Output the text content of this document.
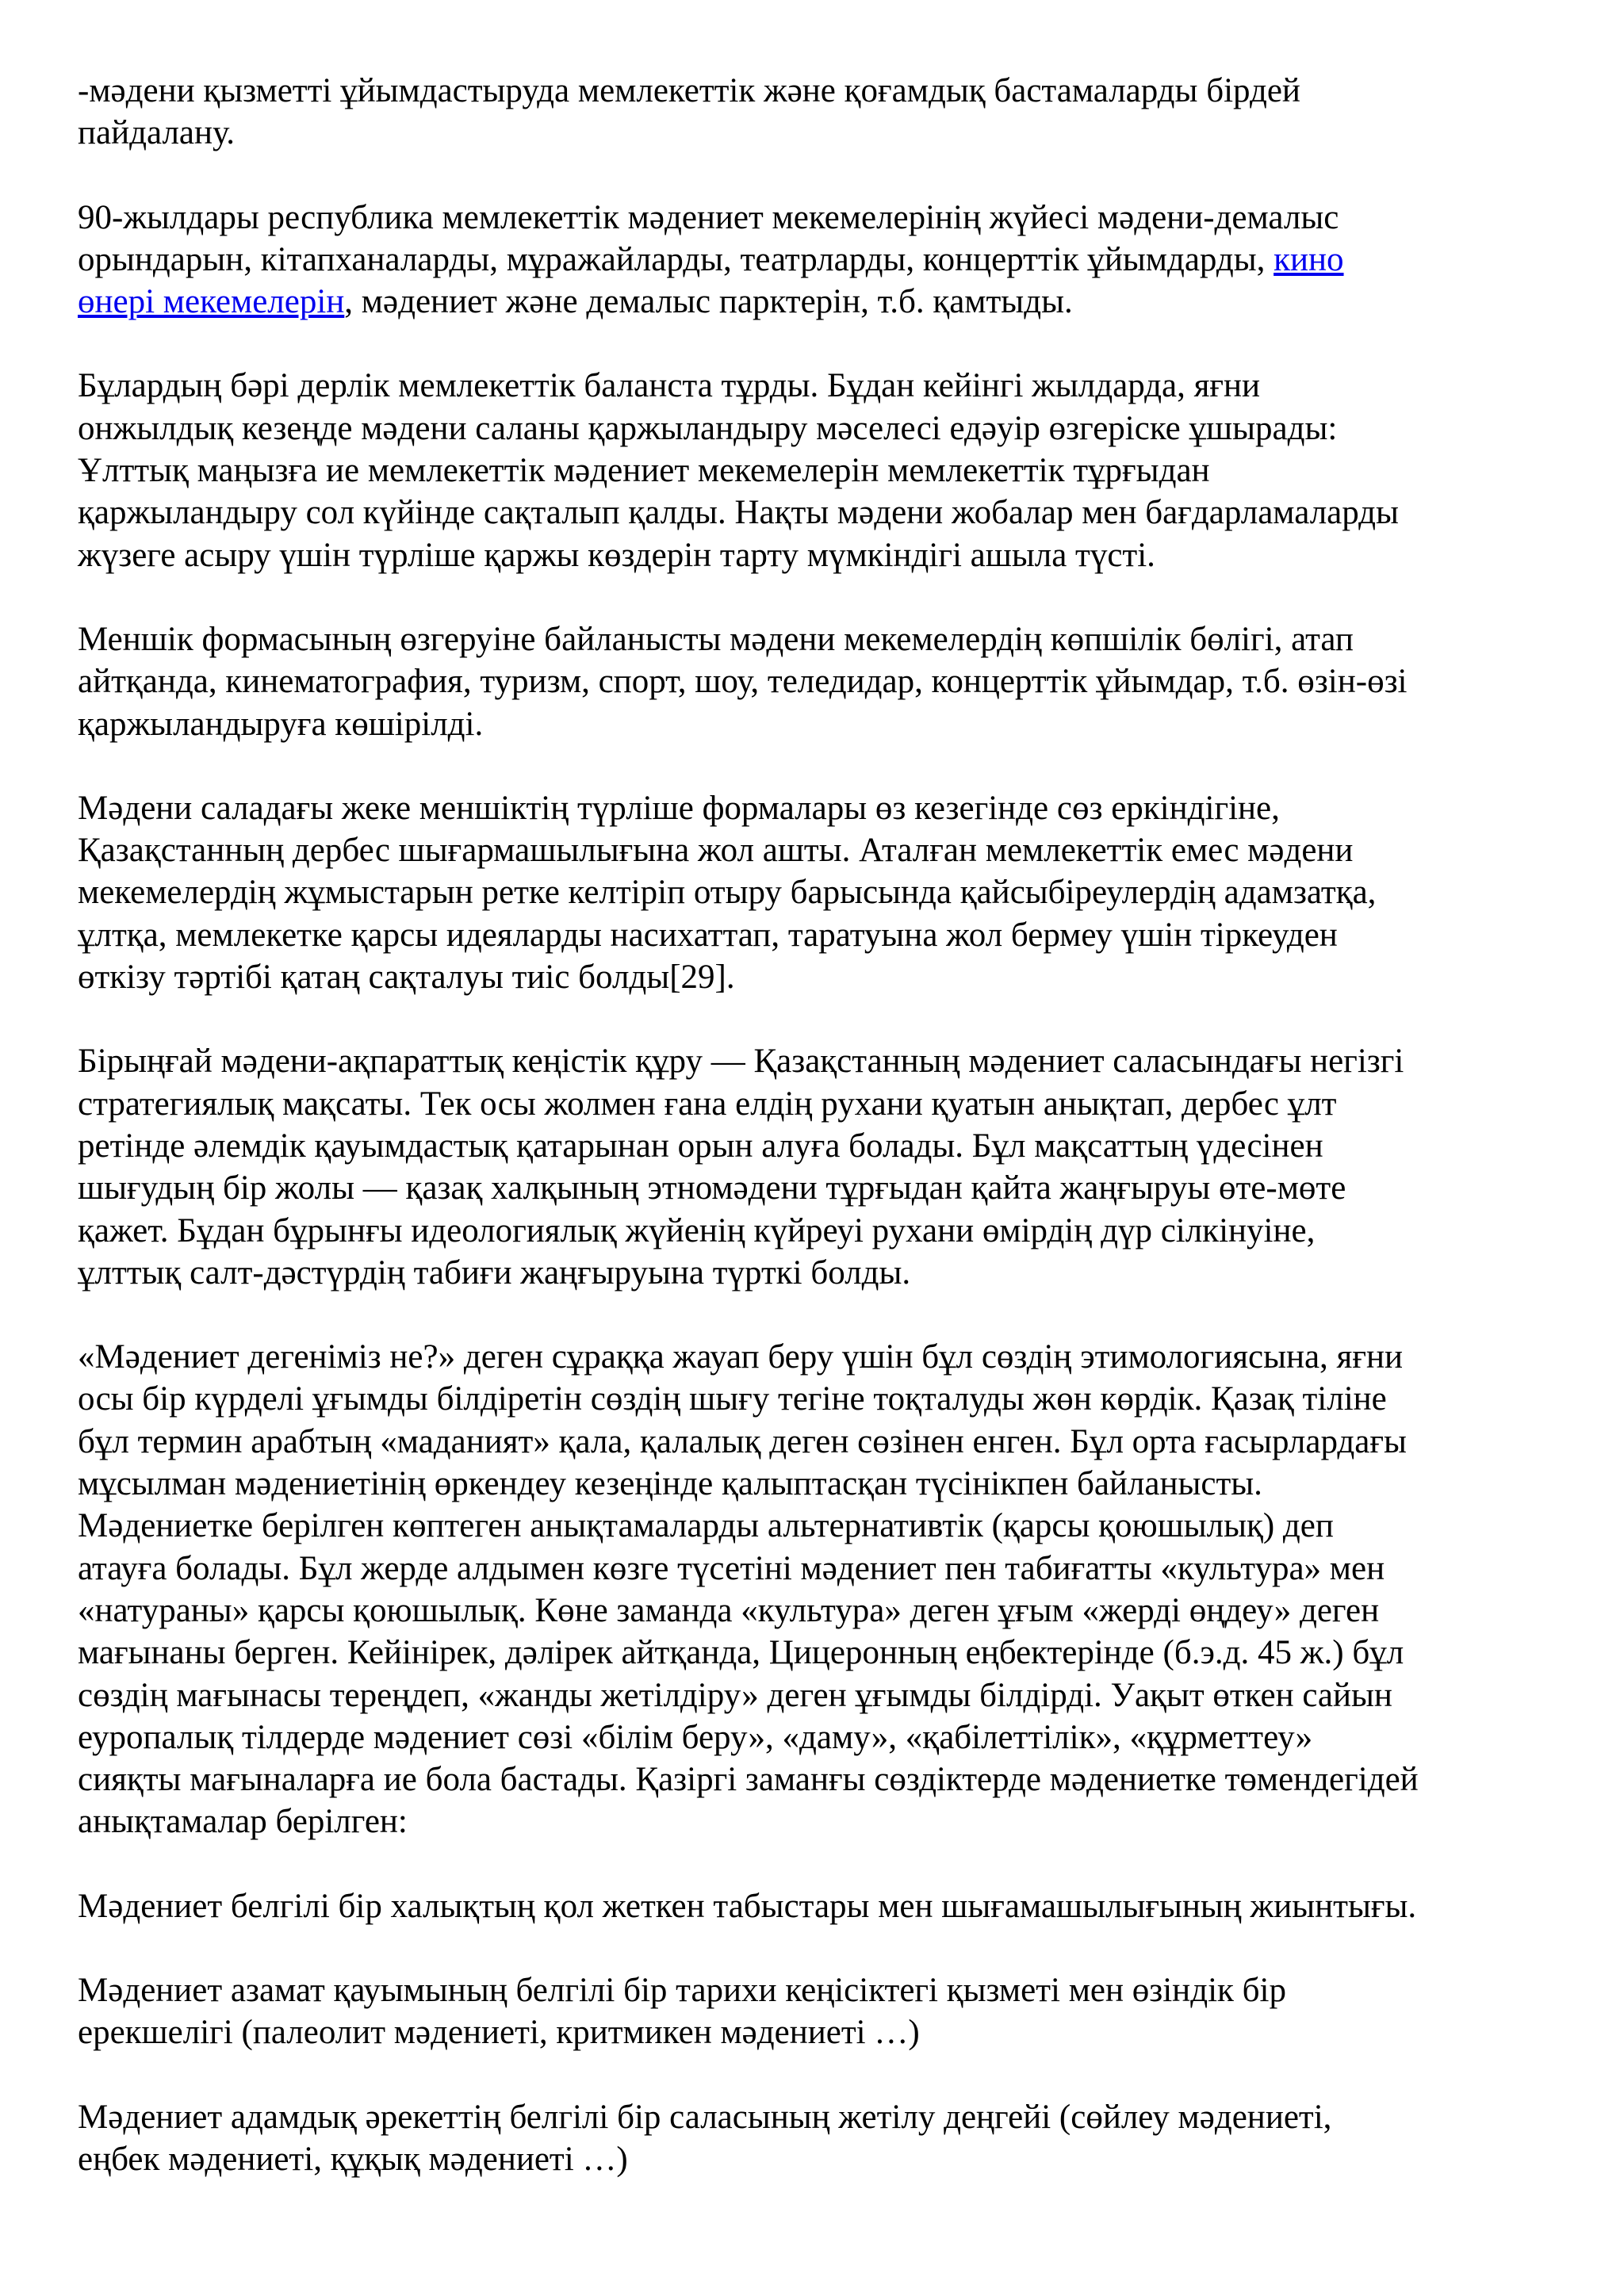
-мәдени қызметті ұйымдастыруда мемлекеттік және қоғамдық бастамаларды бірдей
пайдалану.

90-жылдары республика мемлекеттік мәдениет мекемелерінің жүйесі мәдени-демалыс
орындарын, кітапханаларды, мұражайларды, театрларды, концерттік ұйымдарды, кино
өнері мекемелерін, мәдениет және демалыс парктерін, т.б. қамтыды.

Бұлардың бәрі дерлік мемлекеттік баланста тұрды. Бұдан кейінгі жылдарда, яғни
онжылдық кезеңде мәдени саланы қаржыландыру мәселесі едәуір өзгеріске ұшырады:
Ұлттық маңызға ие мемлекеттік мәдениет мекемелерін мемлекеттік тұрғыдан
қаржыландыру сол күйінде сақталып қалды. Нақты мәдени жобалар мен бағдарламаларды
жүзеге асыру үшін түрліше қаржы көздерін тарту мүмкіндігі ашыла түсті.

Меншік формасының өзгеруіне байланысты мәдени мекемелердің көпшілік бөлігі, атап
айтқанда, кинематография, туризм, спорт, шоу, теледидар, концерттік ұйымдар, т.б. өзін-өзі
қаржыландыруға көшірілді.

Мәдени саладағы жеке меншіктің түрліше формалары өз кезегінде сөз еркіндігіне,
Қазақстанның дербес шығармашылығына жол ашты. Аталған мемлекеттік емес мәдени
мекемелердің жұмыстарын ретке келтіріп отыру барысында қайсыбіреулердің адамзатқа,
ұлтқа, мемлекетке қарсы идеяларды насихаттап, таратуына жол бермеу үшін тіркеуден
өткізу тәртібі қатаң сақталуы тиіс болды[29].

Бірыңғай мәдени-ақпараттық кеңістік құру — Қазақстанның мәдениет саласындағы негізгі
стратегиялық мақсаты. Тек осы жолмен ғана елдің рухани қуатын анықтап, дербес ұлт
ретінде әлемдік қауымдастық қатарынан орын алуға болады. Бұл мақсаттың үдесінен
шығудың бір жолы — қазақ халқының этномәдени тұрғыдан қайта жаңғыруы өте-мөте
қажет. Бұдан бұрынғы идеологиялық жүйенің күйреуі рухани өмірдің дүр сілкінуіне,
ұлттық салт-дәстүрдің табиғи жаңғыруына түрткі болды.

«Мәдениет дегеніміз не?» деген сұраққа жауап беру үшін бұл сөздің этимологиясына, яғни
осы бір күрделі ұғымды білдіретін сөздің шығу тегіне тоқталуды жөн көрдік. Қазақ тіліне
бұл термин арабтың «маданият» қала, қалалық деген сөзінен енген. Бұл орта ғасырлардағы
мұсылман мәдениетінің өркендеу кезеңінде қалыптасқан түсінікпен байланысты.
Мәдениетке берілген көптеген анықтамаларды альтернативтік (қарсы қоюшылық) деп
атауға болады. Бұл жерде алдымен көзге түсетіні мәдениет пен табиғатты «культура» мен
«натураны» қарсы қоюшылық. Көне заманда «культура» деген ұғым «жерді өңдеу» деген
мағынаны берген. Кейінірек, дәлірек айтқанда, Цицеронның еңбектерінде (б.э.д. 45 ж.) бұл
сөздің мағынасы тереңдеп, «жанды жетілдіру» деген ұғымды білдірді. Уақыт өткен сайын
еуропалық тілдерде мәдениет сөзі «білім беру», «даму», «қабілеттілік», «құрметтеу»
сияқты мағыналарға ие бола бастады. Қазіргі заманғы сөздіктерде мәдениетке төмендегідей
анықтамалар берілген:

Мәдениет белгілі бір халықтың қол жеткен табыстары мен шығамашылығының жиынтығы.

Мәдениет азамат қауымының белгілі бір тарихи кеңісіктегі қызметі мен өзіндік бір
ерекшелігі (палеолит мәдениеті, критмикен мәдениеті …)

Мәдениет адамдық әрекеттің белгілі бір саласының жетілу деңгейі (сөйлеу мәдениеті,
еңбек мәдениеті, құқық мәдениеті …)
